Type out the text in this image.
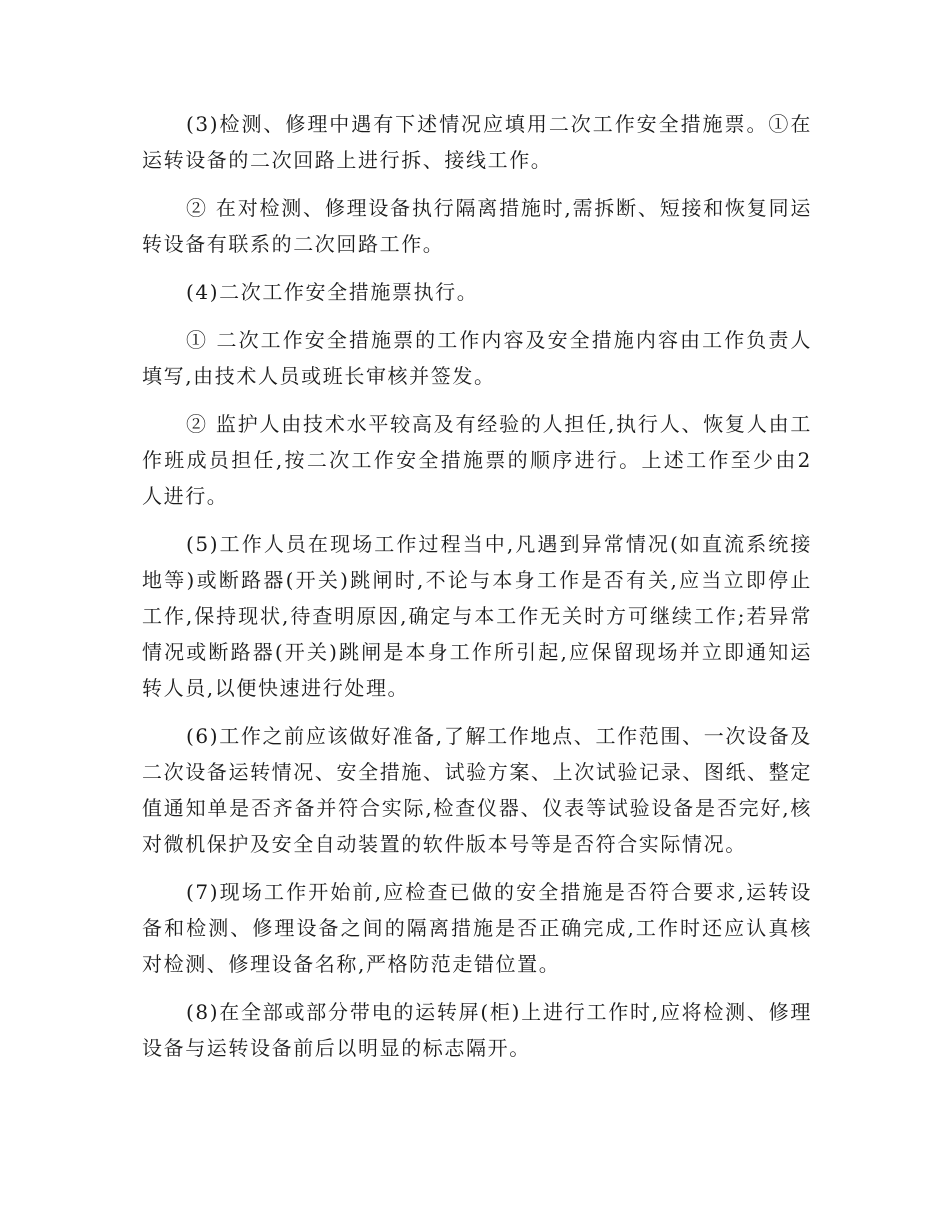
(3)检测、修理中遇有下述情况应填用二次工作安全措施票。①在运转设备的二次回路上进行拆、接线工作。

② 在对检测、修理设备执行隔离措施时,需拆断、短接和恢复同运转设备有联系的二次回路工作。

(4)二次工作安全措施票执行。

① 二次工作安全措施票的工作内容及安全措施内容由工作负责人填写,由技术人员或班长审核并签发。

② 监护人由技术水平较高及有经验的人担任,执行人、恢复人由工作班成员担任,按二次工作安全措施票的顺序进行。上述工作至少由2人进行。

(5)工作人员在现场工作过程当中,凡遇到异常情况(如直流系统接地等)或断路器(开关)跳闸时,不论与本身工作是否有关,应当立即停止工作,保持现状,待查明原因,确定与本工作无关时方可继续工作;若异常情况或断路器(开关)跳闸是本身工作所引起,应保留现场并立即通知运转人员,以便快速进行处理。

(6)工作之前应该做好准备,了解工作地点、工作范围、一次设备及二次设备运转情况、安全措施、试验方案、上次试验记录、图纸、整定值通知单是否齐备并符合实际,检查仪器、仪表等试验设备是否完好,核对微机保护及安全自动装置的软件版本号等是否符合实际情况。

(7)现场工作开始前,应检查已做的安全措施是否符合要求,运转设备和检测、修理设备之间的隔离措施是否正确完成,工作时还应认真核对检测、修理设备名称,严格防范走错位置。

(8)在全部或部分带电的运转屏(柜)上进行工作时,应将检测、修理设备与运转设备前后以明显的标志隔开。
